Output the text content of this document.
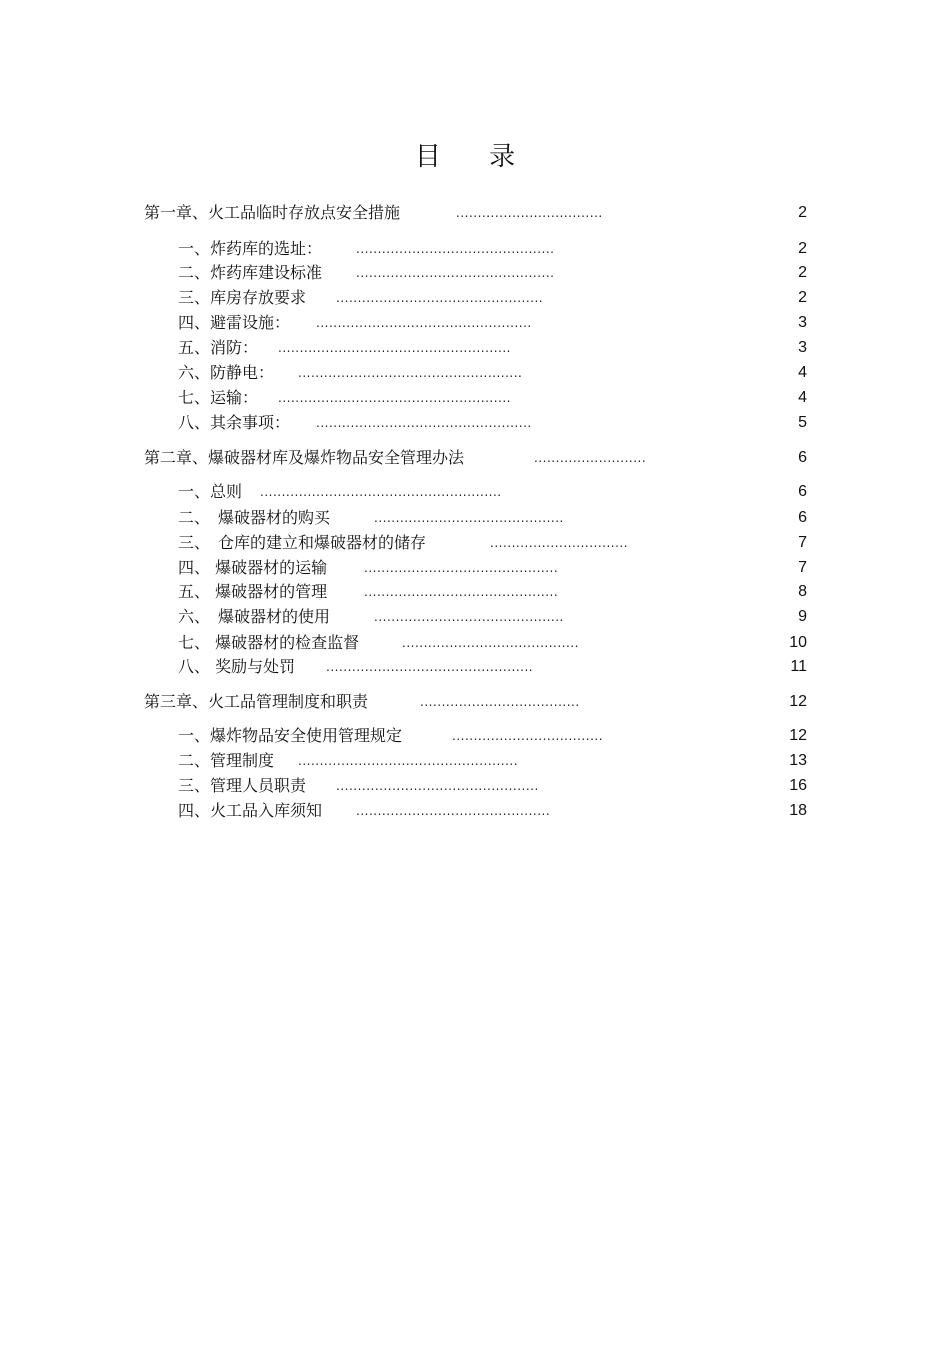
目 录
第一章、火工品临时存放点安全措施	..................................	2
一、炸药库的选址：	..............................................	2
二、炸药库建设标准	..............................................	2
三、库房存放要求 ................................................	2
四、避雷设施： ..................................................	3
五、消防： ......................................................	3
六、防静电： ....................................................	4
七、运输： ......................................................	4
八、其余事项： ..................................................	5
第二章、爆破器材库及爆炸物品安全管理办法	..........................	6
一、总则 ........................................................	6
二、　爆破器材的购买	............................................	6
三、　仓库的建立和爆破器材的储存	................................	7
四、 爆破器材的运输	.............................................	7
五、 爆破器材的管理	.............................................	8
六、　爆破器材的使用	............................................	9
七、 爆破器材的检查监督	.........................................	10
八、 奖励与处罚	................................................	11
第三章、火工品管理制度和职责	.....................................	12
一、爆炸物品安全使用管理规定	...................................	12
二、管理制度 ...................................................	13
三、管理人员职责 ...............................................	16
四、火工品入库须知	.............................................	18
